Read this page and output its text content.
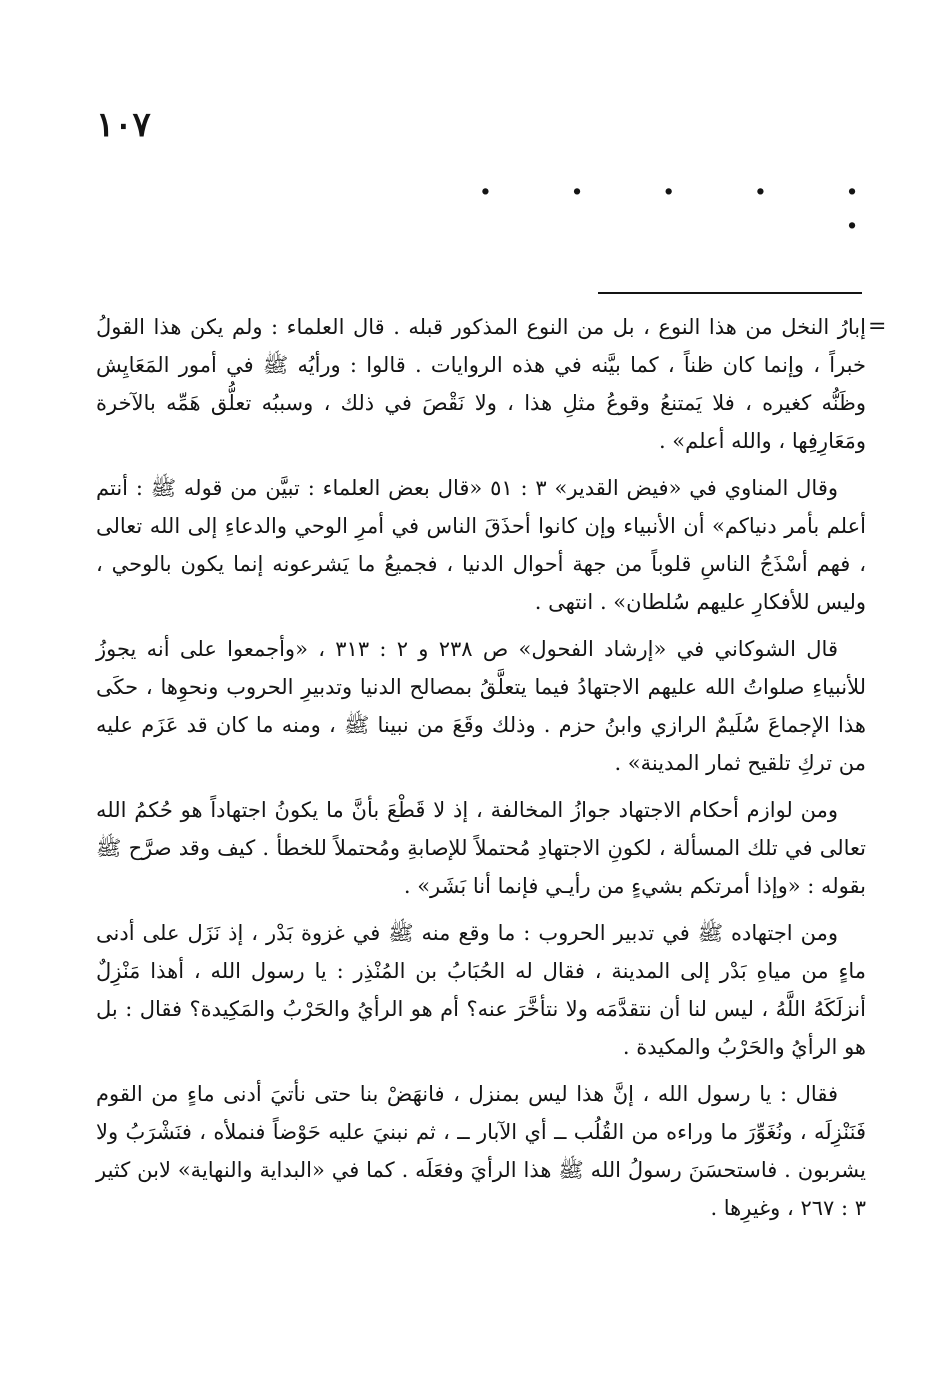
١٠٧
. . . . . .
=

إبارُ النخل من هذا النوع ، بل من النوع المذكور قبله . قال العلماء : ولم يكن هذا القولُ خبراً ، وإنما كان ظناً ، كما بيَّنه في هذه الروايات . قالوا : ورأيُه ﷺ في أمور المَعَايِش وظَنُّه كغيره ، فلا يَمتنعُ وقوعُ مثلِ هذا ، ولا نَقْصَ في ذلك ، وسببُه تعلُّق هَمِّه بالآخرة ومَعَارِفِها ، والله أعلم» .

وقال المناوي في «فيض القدير» ٣ : ٥١ «قال بعض العلماء : تبيَّن من قوله ﷺ : أنتم أعلم بأمر دنياكم» أن الأنبياء وإن كانوا أحذَقَ الناس في أمرِ الوحي والدعاءِ إلى الله تعالى ، فهم أسْذَجُ الناسِ قلوباً من جهة أحوال الدنيا ، فجميعُ ما يَشرعونه إنما يكون بالوحي ، وليس للأفكارِ عليهم سُلطان» . انتهى .

قال الشوكاني في «إرشاد الفحول» ص ٢٣٨ و ٢ : ٣١٣ ، «وأجمعوا على أنه يجوزُ للأنبياءِ صلواتُ الله عليهم الاجتهادُ فيما يتعلَّقُ بمصالح الدنيا وتدبيرِ الحروب ونحوِها ، حكَى هذا الإجماعَ سُلَيمٌ الرازي وابنُ حزم . وذلك وقَعَ من نبينا ﷺ ، ومنه ما كان قد عَزَم عليه من تركِ تلقيح ثمار المدينة» .

ومن لوازم أحكام الاجتهاد جوازُ المخالفة ، إذ لا قَطْعَ بأنَّ ما يكونُ اجتهاداً هو حُكمُ الله تعالى في تلك المسألة ، لكونِ الاجتهادِ مُحتملاً للإصابةِ ومُحتملاً للخطأ . كيف وقد صرَّح ﷺ بقوله : «وإذا أمرتكم بشيءٍ من رأيـي فإنما أنا بَشَر» .

ومن اجتهاده ﷺ في تدبير الحروب : ما وقع منه ﷺ في غزوة بَدْر ، إذ نَزَل على أدنى ماءٍ من مياهِ بَدْر إلى المدينة ، فقال له الحُبَابُ بن المُنْذِر : يا رسول الله ، أهذا مَنْزِلٌ أنزلَكَهُ اللَّهُ ، ليس لنا أن نتقدَّمَه ولا نتأخَّرَ عنه؟ أم هو الرأيُ والحَرْبُ والمَكِيدة؟ فقال : بل هو الرأيُ والحَرْبُ والمكيدة .

فقال : يا رسول الله ، إنَّ هذا ليس بمنزل ، فانهَضْ بنا حتى نأتيَ أدنى ماءٍ من القوم فَنَنْزِلَه ، ونُغَوِّرَ ما وراءه من القُلُب ــ أي الآبار ــ ، ثم نبنيَ عليه حَوْضاً فنملأه ، فنَشْرَبُ ولا يشربون . فاستحسَنَ رسولُ الله ﷺ هذا الرأيَ وفعَلَه . كما في «البداية والنهاية» لابن كثير ٣ : ٢٦٧ ، وغيرِها .
